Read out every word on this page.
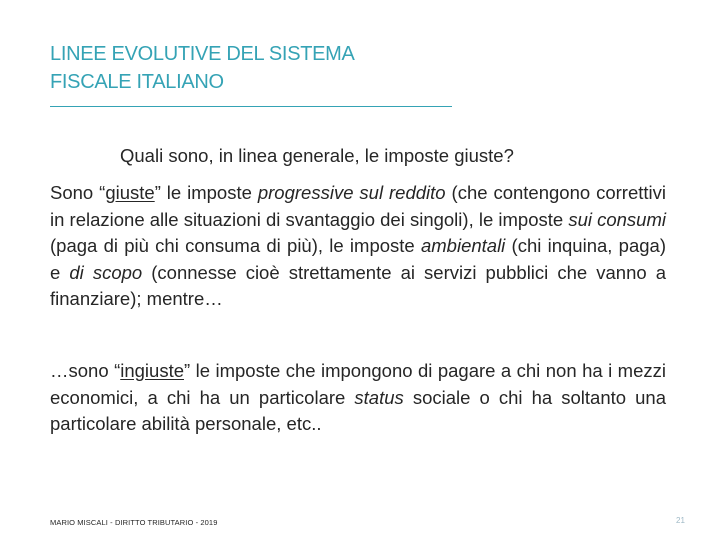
LINEE EVOLUTIVE DEL SISTEMA
FISCALE ITALIANO
Quali sono, in linea generale, le imposte giuste?
Sono “giuste” le imposte progressive sul reddito (che contengono correttivi in relazione alle situazioni di svantaggio dei singoli), le imposte sui consumi (paga di più chi consuma di più), le imposte ambientali (chi inquina, paga) e di scopo (connesse cioè strettamente ai servizi pubblici che vanno a finanziare); mentre…
…sono “ingiuste” le imposte che impongono di pagare a chi non ha i mezzi economici, a chi ha un particolare status sociale o chi ha soltanto una particolare abilità personale, etc..
MARIO MISCALI - DIRITTO TRIBUTARIO - 2019	21
